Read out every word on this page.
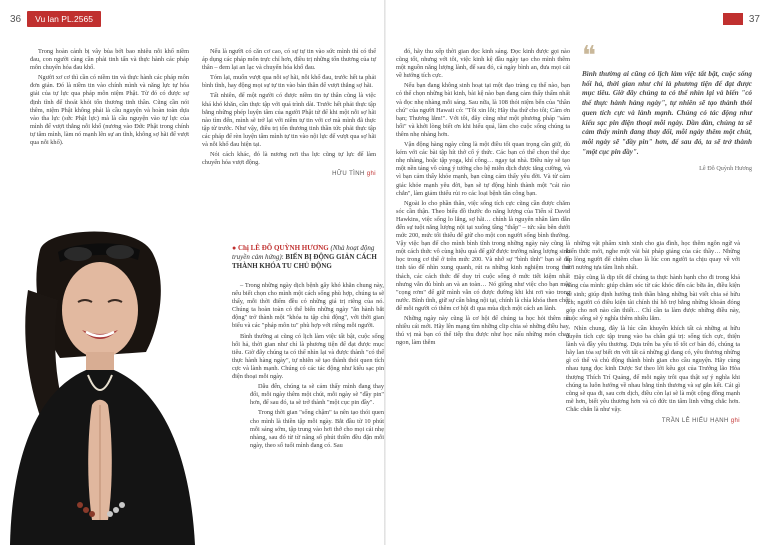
36	Vu lan PL.2565	37

Trong hoàn cảnh bị vây bủa bởi bao nhiêu nỗi khổ niềm đau, con người càng cần phải tinh tấn và thực hành các pháp môn chuyển hóa đau khổ.

Người xơ cơ thì cần có niềm tin và thực hành các pháp môn đơn giản. Đó là niềm tin vào chính mình và năng lực tự hóa giải của tự lực qua pháp môn niệm Phật. Từ đó có được sự định tĩnh để thoát khỏi tốn thương tinh thần. Cũng cần nói thêm, niệm Phật không phải là cầu nguyện và hoàn toàn dựa vào tha lực (sức Phật lực) mà là cầu nguyện vào tự lực của mình để vượt thắng nỗi khổ (nương vào Đức Phật trong chính tự tâm mình, làm nó mạnh lên sự an tĩnh, không sợ hãi để vượt qua nỗi khổ).

Nếu là người có căn cơ cao, có sự tự tin vào sức mình thì có thể áp dụng các pháp môn trực chỉ hơn, điều trị những tổn thương của tự thân – đem lại an lạc và chuyển hóa khổ đau.

Tóm lại, muốn vượt qua nỗi sợ hãi, nỗi khổ đau, trước hết ta phải bình tĩnh, hay động mọi sự tự tin vào bản thân để vượt thắng sợ hãi.

Tất nhiên, để một người có được niềm tin tự thân cũng là việc khá khó khăn, cần thực tập với quá trình dài. Trước hết phải thực tập bằng những phép luyện tâm của người Phật tử để khi một nỗi sợ hãi nào tìm đến, mình sẽ trở lại với niềm tự tin với cơ mà mình đã thực tập từ trước. Như vậy, điều trị tổn thương tinh thần tức phải thực tập các pháp để rèn luyện tâm mình tự tin vào nội lực để vượt qua sợ hãi và nỗi khổ đau hiện tại.

Nói cách khác, đó là nương nơi tha lực cũng tự lực để làm chuyển hóa vượt động.

HỮU TÌNH ghi
● Chị LÊ ĐỖ QUỲNH HƯƠNG (Nhà hoạt động truyền cảm hứng): BIẾN BỊ ĐỘNG GIẢN CÁCH THÀNH KHÓA TU CHỦ ĐỘNG

– Trong những ngày dịch bệnh gây khó khăn chung này, nếu biết chọn cho mình một cách sống phù hợp, chúng ta sẽ thấy, mỗi thời điểm đều có những giá trị riêng của nó. Chúng ta hoàn toàn có thể biến những ngày "ăn hành bắt động" trở thành một "khóa tu tập chủ động", với thời gian biểu và các "pháp môn tu" phù hợp với riêng mỗi người.

Bình thường ai cũng có lịch làm việc tất bật, cuộc sống hối hả, thời gian như chỉ là phương tiện để đạt được mục tiêu. Giờ đây chúng ta có thể nhìn lại và được thành "có thể thực hành hàng ngày", tự nhiên sẽ tạo thành thói quen tích cực và lành mạnh. Chúng có các tác động như kiểu sạc pin điện thoại mỗi ngày.

Dẫu đến, chúng ta sẽ cảm thấy mình đang thay đổi, mỗi ngày thêm một chút, mỗi ngày sẽ "đầy pin" hơn, để sau đó, ta sẽ trở thành "một cục pin đầy".

Trong thời gian "sống chậm" ta nên tạo thói quen cho mình là thiền tập mỗi ngày. Bắt đầu từ 10 phút mỗi sáng sớm, tập trung vào hơi thở cho mọi cái nhẹ nhàng, sau đó từ từ nâng số phút thiền đều đặn mỗi ngày, theo số tuổi mình đang có. Sau

đó, hãy thu xếp thời gian đọc kinh sáng. Đọc kinh được gọi nào cũng tốt, nhưng với tôi, việc kinh kệ đầu ngày tạo cho mình thêm một nguồn năng lượng lành, để sau đó, cả ngày bình an, đưa mọi cái về hướng tích cực.

Nếu bạn đang không sinh hoạt tại một đạo tràng cụ thể nào, bạn có thể chọn những bài kinh, bài kệ nào bạn đang cảm thấy thấm nhất và đọc nhẹ nhàng mỗi sáng. Sau nữa, là 108 thói niệm bến của "thần chú" của người Hawaii có: "Tôi xin lỗi; Hãy tha thứ cho tôi; Cảm ơn bạn; Thương lắm!". Với tôi, đây cũng như một phương pháp "sám hối" và khởi lòng biết ơn khi hiểu quả, làm cho cuộc sống chúng ta thêm nhẹ nhàng hơn.

Vận động hàng ngày cũng là một điều tối quan trọng cần giữ, dù kém với các bài tập hít thở cố ý thức. Các bạn có thể chọn thể dục nhẹ nhàng, hoặc tập yoga, khí công… ngay tại nhà. Điều này sẽ tạo một nền tảng vô cùng ý tưởng cho hệ miễn dịch được tăng cường, và vì bạn cảm thấy khỏe mạnh, bạn cũng cảm thấy yêu đời. Và từ cảm giác khỏe mạnh yêu đời, bạn sẽ tự động hình thành một "cái rào chắn", làm giảm thiểu rủi ro các loại bệnh tần công bạn.

Ngoài lo cho phần thân, việc sống tích cực cũng cần được chăm sóc cần thận. Theo biểu đồ thước đo năng lượng của Tiến sĩ David Hawkins, việc sống lo lắng, sợ hãi… chính là nguyên nhân làm dẫn đến sự tuột năng lượng nội tại xuống tầng "thấp" – tức sầu bên dưới mức 200, mức tối thiểu để giữ cho một con người sống bình thường. Vậy việc bạn để cho mình bình tĩnh trong những ngày này cũng là một cách thức vô cùng hiệu quả để giữ được trường năng lượng sinh học trong cơ thể ở trên mức 200. Và nhớ sự "bình tĩnh" bạn sẽ đủ tinh táo để nhìn xung quanh, rút ra những kinh nghiệm trong thử thách, các cách thức để duy trì cuộc sống ở mức tiết kiệm nhất nhưng vẫn đủ bình an và an toàn… Nó giống như việc cho bạn một "cọng rơm" để giữ mình vẫn có được đường khi khi rơi vào trong nước. Bình tĩnh, giữ sự cân bằng nội tại, chính là chìa khóa then chốt để mỗi người có thêm cơ hội đi qua mùa dịch một cách an lành.

Những ngày này cũng là cơ hội để chúng ta học hỏi thêm rất nhiều cái mới. Hãy lên mạng tìm những clip chia sẻ những điều hay, thú vị mà bạn có thể tiếp thu được như học nấu những món chay ngon, làm thêm

❝
Bình thường ai cũng có lịch làm việc tất bật, cuộc sống hối hả, thời gian như chỉ là phương tiện để đạt được mục tiêu. Giờ đây chúng ta có thể nhìn lại và biến "có thể thực hành hàng ngày", tự nhiên sẽ tạo thành thói quen tích cực và lành mạnh. Chúng có tác động như kiểu sạc pin điện thoại mỗi ngày. Dần dần, chúng ta sẽ cảm thấy mình đang thay đổi, mỗi ngày thêm một chút, mỗi ngày sẽ "đầy pin" hơn, để sau đó, ta sẽ trở thành "một cục pin đầy".
Lê Đỗ Quỳnh Hương

những vật phẩm xinh xinh cho gia đình, học thêm ngôn ngữ và kiến thức mới, nghe một vài bài pháp giảng của các thầy… Những áp lòng người để chiêm chao là lúc con người ta chịu quay về với nơi nương tựa tâm linh nhất.

Đây cũng là dịp tốt để chúng ta thực hành hạnh cho đi trong khả năng của mình: giúp chăm sóc từ các khóc đến các bữa ăn, điều kiện về sinh; giúp định hướng tinh thần bằng những bài viết chia sẻ hữu ích; người có điều kiện tài chính thì hỗ trợ bằng những khoản đóng góp cho nơi nào cần thiết… Chỉ cần ta làm được những điều này, cuộc sống sẽ ý nghĩa thêm nhiều lắm.

Nhìn chung, đây là lúc cần khuyến khích tất cả những ai hữu duyên tích cực tập trung vào ba chân giá trị: sống tích cực, thiện lành và đầy yêu thương. Dựa trên ba yếu tố tốt cơ bản đó, chúng ta hãy lan tỏa sự biết ơn với tất cả những gì đang có, yêu thương những gì có thể và chủ động thành bình gian cho cầu nguyện. Hãy cùng nhau tụng đọc kinh Dược Sư theo lời kêu gọi của Trưởng lão Hòa thượng Thích Trí Quảng, để mỗi ngày trôi qua thật sự ý nghĩa khi chúng ta luôn hướng về nhau bằng tình thương và sự gắn kết. Cái gì cũng sẽ qua đi, sau cơn dịch, điều còn lại sẽ là một cộng đồng mạnh mẽ hơn, biết yêu thương hơn và có đức tin tâm linh vững chắc hơn. Chắc chắn là như vậy.

TRẦN LÊ HIẾU HẠNH ghi
